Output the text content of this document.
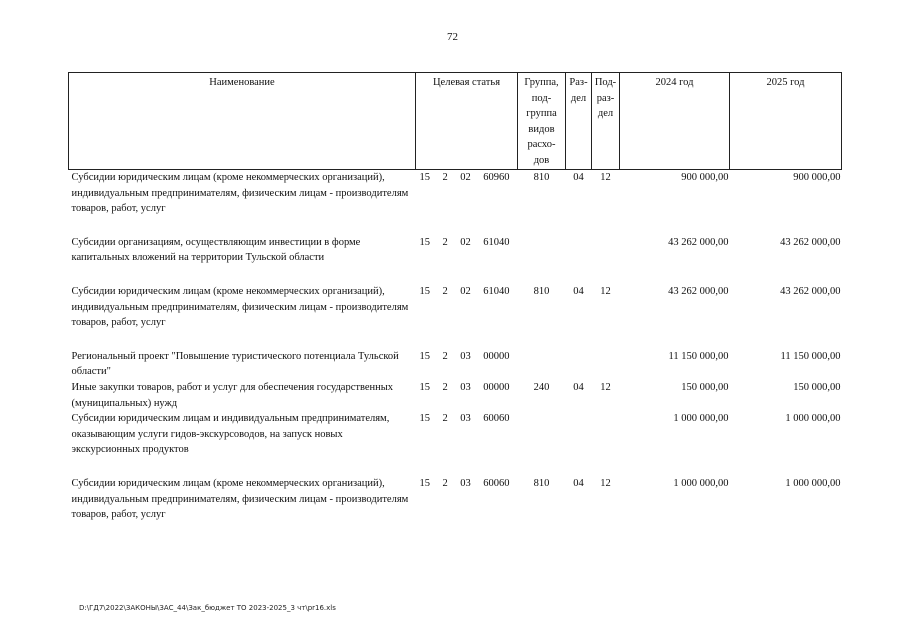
72
Наименование	Целевая статья	Группа, под- группа видов расхо- дов	Раз- дел	Под- раз- дел	2024 год	2025 год
Субсидии юридическим лицам (кроме некоммерческих организаций), индивидуальным предпринимателям, физическим лицам - производителям товаров, работ, услуг	15 2 02 60960	810	04	12	900 000,00	900 000,00

Субсидии организациям, осуществляющим инвестиции в форме капитальных вложений на территории Тульской области	15 2 02 61040				43 262 000,00	43 262 000,00

Субсидии юридическим лицам (кроме некоммерческих организаций), индивидуальным предпринимателям, физическим лицам - производителям товаров, работ, услуг	15 2 02 61040	810	04	12	43 262 000,00	43 262 000,00

Региональный проект "Повышение туристического потенциала Тульской области"	15 2 03 00000				11 150 000,00	11 150 000,00
Иные закупки товаров, работ и услуг для обеспечения государственных (муниципальных) нужд	15 2 03 00000	240	04	12	150 000,00	150 000,00
Субсидии юридическим лицам и индивидуальным предпринимателям, оказывающим услуги гидов-экскурсоводов, на запуск новых экскурсионных продуктов	15 2 03 60060				1 000 000,00	1 000 000,00

Субсидии юридическим лицам (кроме некоммерческих организаций), индивидуальным предпринимателям, физическим лицам - производителям товаров, работ, услуг	15 2 03 60060	810	04	12	1 000 000,00	1 000 000,00
D:\ГД7\2022\ЗАКОНЫ\ЗАС_44\Зак_бюджет ТО 2023-2025_3 чт\pr16.xls
